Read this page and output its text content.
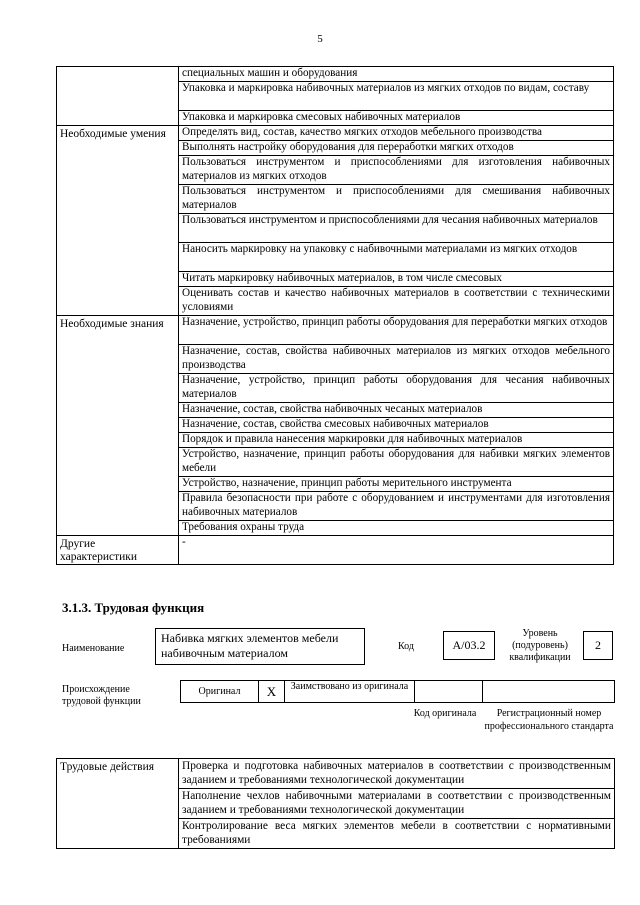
5
	специальных машин и оборудования
	Упаковка и маркировка набивочных материалов из мягких отходов по видам, составу
	Упаковка и маркировка смесовых набивочных материалов
Необходимые умения	Определять вид, состав, качество мягких отходов мебельного производства
	Выполнять настройку оборудования для переработки мягких отходов
	Пользоваться инструментом и приспособлениями для изготовления набивочных материалов из мягких отходов
	Пользоваться инструментом и приспособлениями для смешивания набивочных материалов
	Пользоваться инструментом и приспособлениями для чесания набивочных материалов
	Наносить маркировку на упаковку с набивочными материалами из мягких отходов
	Читать маркировку набивочных материалов, в том числе смесовых
	Оценивать состав и качество набивочных материалов в соответствии с техническими условиями
Необходимые знания	Назначение, устройство, принцип работы оборудования для переработки мягких отходов
	Назначение, состав, свойства набивочных материалов из мягких отходов мебельного производства
	Назначение, устройство, принцип работы оборудования для чесания набивочных материалов
	Назначение, состав, свойства набивочных чесаных материалов
	Назначение, состав, свойства смесовых набивочных материалов
	Порядок и правила нанесения маркировки для набивочных материалов
	Устройство, назначение, принцип работы оборудования для набивки мягких элементов мебели
	Устройство, назначение, принцип работы мерительного инструмента
	Правила безопасности при работе с оборудованием и инструментами для изготовления набивочных материалов
	Требования охраны труда
Другие характеристики	-
3.1.3. Трудовая функция
Наименование
Набивка мягких элементов мебели набивочным материалом	Код	А/03.2
Уровень (подуровень) квалификации
2
Происхождение трудовой функции
Оригинал	X	Заимствовано из оригинала		
Код оригинала	Регистрационный номер профессионального стандарта
Трудовые действия	Проверка и подготовка набивочных материалов в соответствии с производственным заданием и требованиями технологической документации
Наполнение чехлов набивочными материалами в соответствии с производственным заданием и требованиями технологической документации
Контролирование веса мягких элементов мебели в соответствии с нормативными требованиями
